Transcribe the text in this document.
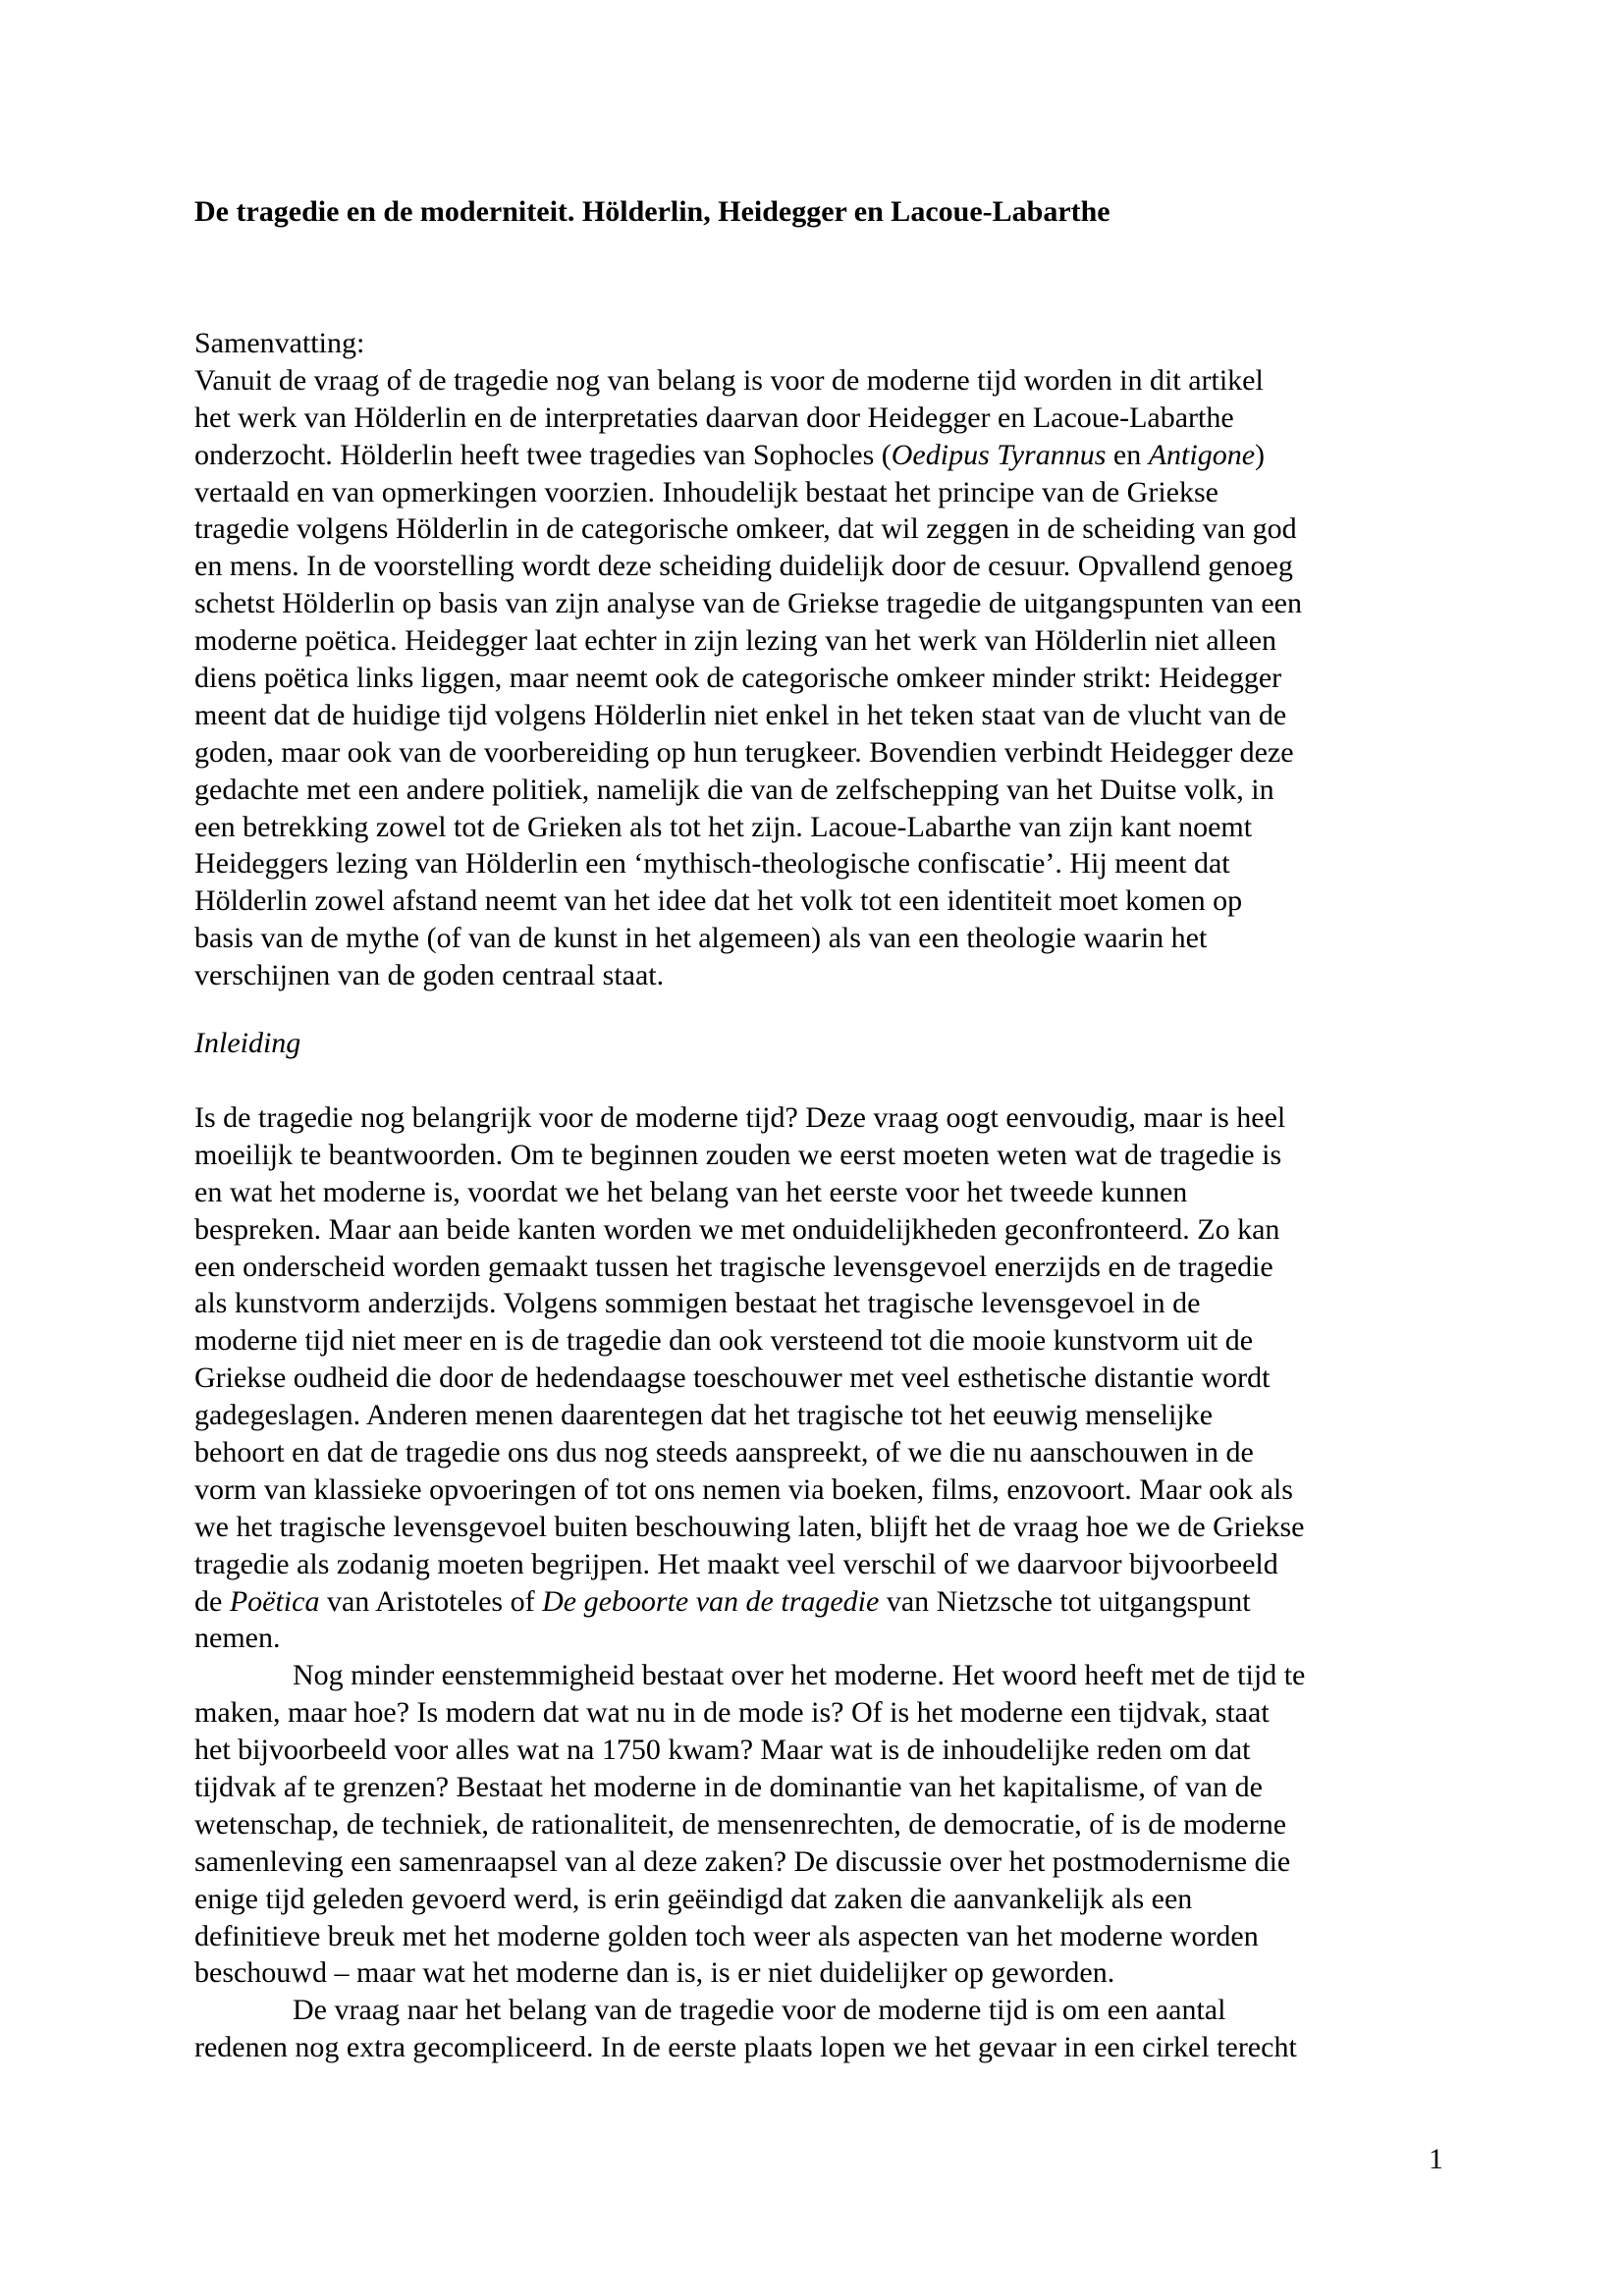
De tragedie en de moderniteit. Hölderlin, Heidegger en Lacoue-Labarthe
Samenvatting:
Vanuit de vraag of de tragedie nog van belang is voor de moderne tijd worden in dit artikel
het werk van Hölderlin en de interpretaties daarvan door Heidegger en Lacoue-Labarthe
onderzocht. Hölderlin heeft twee tragedies van Sophocles (Oedipus Tyrannus en Antigone)
vertaald en van opmerkingen voorzien. Inhoudelijk bestaat het principe van de Griekse
tragedie volgens Hölderlin in de categorische omkeer, dat wil zeggen in de scheiding van god
en mens. In de voorstelling wordt deze scheiding duidelijk door de cesuur. Opvallend genoeg
schetst Hölderlin op basis van zijn analyse van de Griekse tragedie de uitgangspunten van een
moderne poëtica. Heidegger laat echter in zijn lezing van het werk van Hölderlin niet alleen
diens poëtica links liggen, maar neemt ook de categorische omkeer minder strikt: Heidegger
meent dat de huidige tijd volgens Hölderlin niet enkel in het teken staat van de vlucht van de
goden, maar ook van de voorbereiding op hun terugkeer. Bovendien verbindt Heidegger deze
gedachte met een andere politiek, namelijk die van de zelfschepping van het Duitse volk, in
een betrekking zowel tot de Grieken als tot het zijn. Lacoue-Labarthe van zijn kant noemt
Heideggers lezing van Hölderlin een ‘mythisch-theologische confiscatie’. Hij meent dat
Hölderlin zowel afstand neemt van het idee dat het volk tot een identiteit moet komen op
basis van de mythe (of van de kunst in het algemeen) als van een theologie waarin het
verschijnen van de goden centraal staat.
Inleiding
Is de tragedie nog belangrijk voor de moderne tijd? Deze vraag oogt eenvoudig, maar is heel
moeilijk te beantwoorden. Om te beginnen zouden we eerst moeten weten wat de tragedie is
en wat het moderne is, voordat we het belang van het eerste voor het tweede kunnen
bespreken. Maar aan beide kanten worden we met onduidelijkheden geconfronteerd. Zo kan
een onderscheid worden gemaakt tussen het tragische levensgevoel enerzijds en de tragedie
als kunstvorm anderzijds. Volgens sommigen bestaat het tragische levensgevoel in de
moderne tijd niet meer en is de tragedie dan ook versteend tot die mooie kunstvorm uit de
Griekse oudheid die door de hedendaagse toeschouwer met veel esthetische distantie wordt
gadegeslagen. Anderen menen daarentegen dat het tragische tot het eeuwig menselijke
behoort en dat de tragedie ons dus nog steeds aanspreekt, of we die nu aanschouwen in de
vorm van klassieke opvoeringen of tot ons nemen via boeken, films, enzovoort. Maar ook als
we het tragische levensgevoel buiten beschouwing laten, blijft het de vraag hoe we de Griekse
tragedie als zodanig moeten begrijpen. Het maakt veel verschil of we daarvoor bijvoorbeeld
de Poëtica van Aristoteles of De geboorte van de tragedie van Nietzsche tot uitgangspunt
nemen.
Nog minder eenstemmigheid bestaat over het moderne. Het woord heeft met de tijd te
maken, maar hoe? Is modern dat wat nu in de mode is? Of is het moderne een tijdvak, staat
het bijvoorbeeld voor alles wat na 1750 kwam? Maar wat is de inhoudelijke reden om dat
tijdvak af te grenzen? Bestaat het moderne in de dominantie van het kapitalisme, of van de
wetenschap, de techniek, de rationaliteit, de mensenrechten, de democratie, of is de moderne
samenleving een samenraapsel van al deze zaken? De discussie over het postmodernisme die
enige tijd geleden gevoerd werd, is erin geëindigd dat zaken die aanvankelijk als een
definitieve breuk met het moderne golden toch weer als aspecten van het moderne worden
beschouwd – maar wat het moderne dan is, is er niet duidelijker op geworden.
De vraag naar het belang van de tragedie voor de moderne tijd is om een aantal
redenen nog extra gecompliceerd. In de eerste plaats lopen we het gevaar in een cirkel terecht
1
